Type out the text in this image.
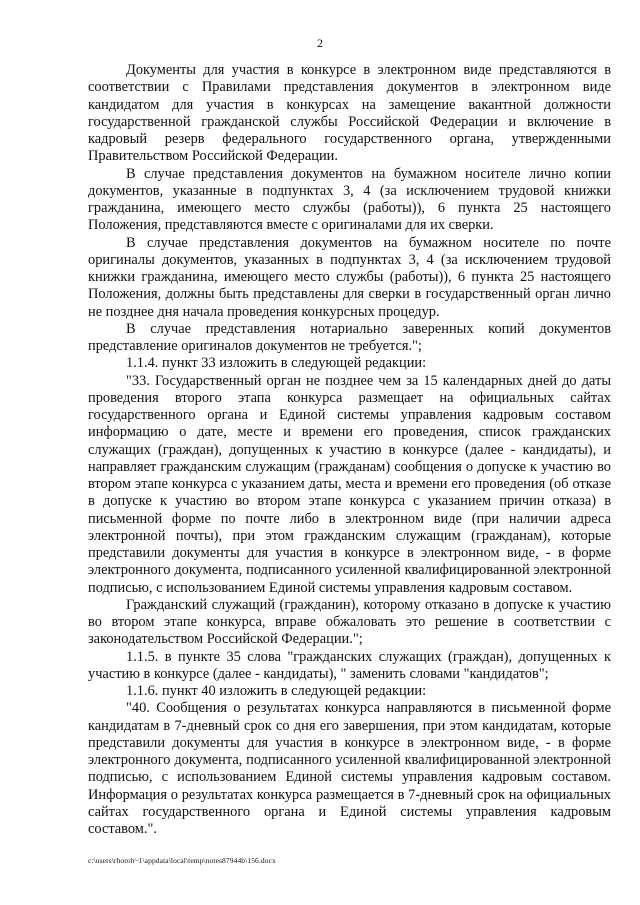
2

Документы для участия в конкурсе в электронном виде представляются в соответствии с Правилами представления документов в электронном виде кандидатом для участия в конкурсах на замещение вакантной должности государственной гражданской службы Российской Федерации и включение в кадровый резерв федерального государственного органа, утвержденными Правительством Российской Федерации.

В случае представления документов на бумажном носителе лично копии документов, указанные в подпунктах 3, 4 (за исключением трудовой книжки гражданина, имеющего место службы (работы)), 6 пункта 25 настоящего Положения, представляются вместе с оригиналами для их сверки.

В случае представления документов на бумажном носителе по почте оригиналы документов, указанных в подпунктах 3, 4 (за исключением трудовой книжки гражданина, имеющего место службы (работы)), 6 пункта 25 настоящего Положения, должны быть представлены для сверки в государственный орган лично не позднее дня начала проведения конкурсных процедур.

В случае представления нотариально заверенных копий документов представление оригиналов документов не требуется.";

1.1.4. пункт 33 изложить в следующей редакции:

"33. Государственный орган не позднее чем за 15 календарных дней до даты проведения второго этапа конкурса размещает на официальных сайтах государственного органа и Единой системы управления кадровым составом информацию о дате, месте и времени его проведения, список гражданских служащих (граждан), допущенных к участию в конкурсе (далее - кандидаты), и направляет гражданским служащим (гражданам) сообщения о допуске к участию во втором этапе конкурса с указанием даты, места и времени его проведения (об отказе в допуске к участию во втором этапе конкурса с указанием причин отказа) в письменной форме по почте либо в электронном виде (при наличии адреса электронной почты), при этом гражданским служащим (гражданам), которые представили документы для участия в конкурсе в электронном виде, - в форме электронного документа, подписанного усиленной квалифицированной электронной подписью, с использованием Единой системы управления кадровым составом.

Гражданский служащий (гражданин), которому отказано в допуске к участию во втором этапе конкурса, вправе обжаловать это решение в соответствии с законодательством Российской Федерации.";

1.1.5. в пункте 35 слова "гражданских служащих (граждан), допущенных к участию в конкурсе (далее - кандидаты), " заменить словами "кандидатов";

1.1.6. пункт 40 изложить в следующей редакции:

"40. Сообщения о результатах конкурса направляются в письменной форме кандидатам в 7-дневный срок со дня его завершения, при этом кандидатам, которые представили документы для участия в конкурсе в электронном виде, - в форме электронного документа, подписанного усиленной квалифицированной электронной подписью, с использованием Единой системы управления кадровым составом. Информация о результатах конкурса размещается в 7-дневный срок на официальных сайтах государственного органа и Единой системы управления кадровым составом.".

c:\users\rhoroh~1\appdata\local\temp\notes87944b\156.docx
